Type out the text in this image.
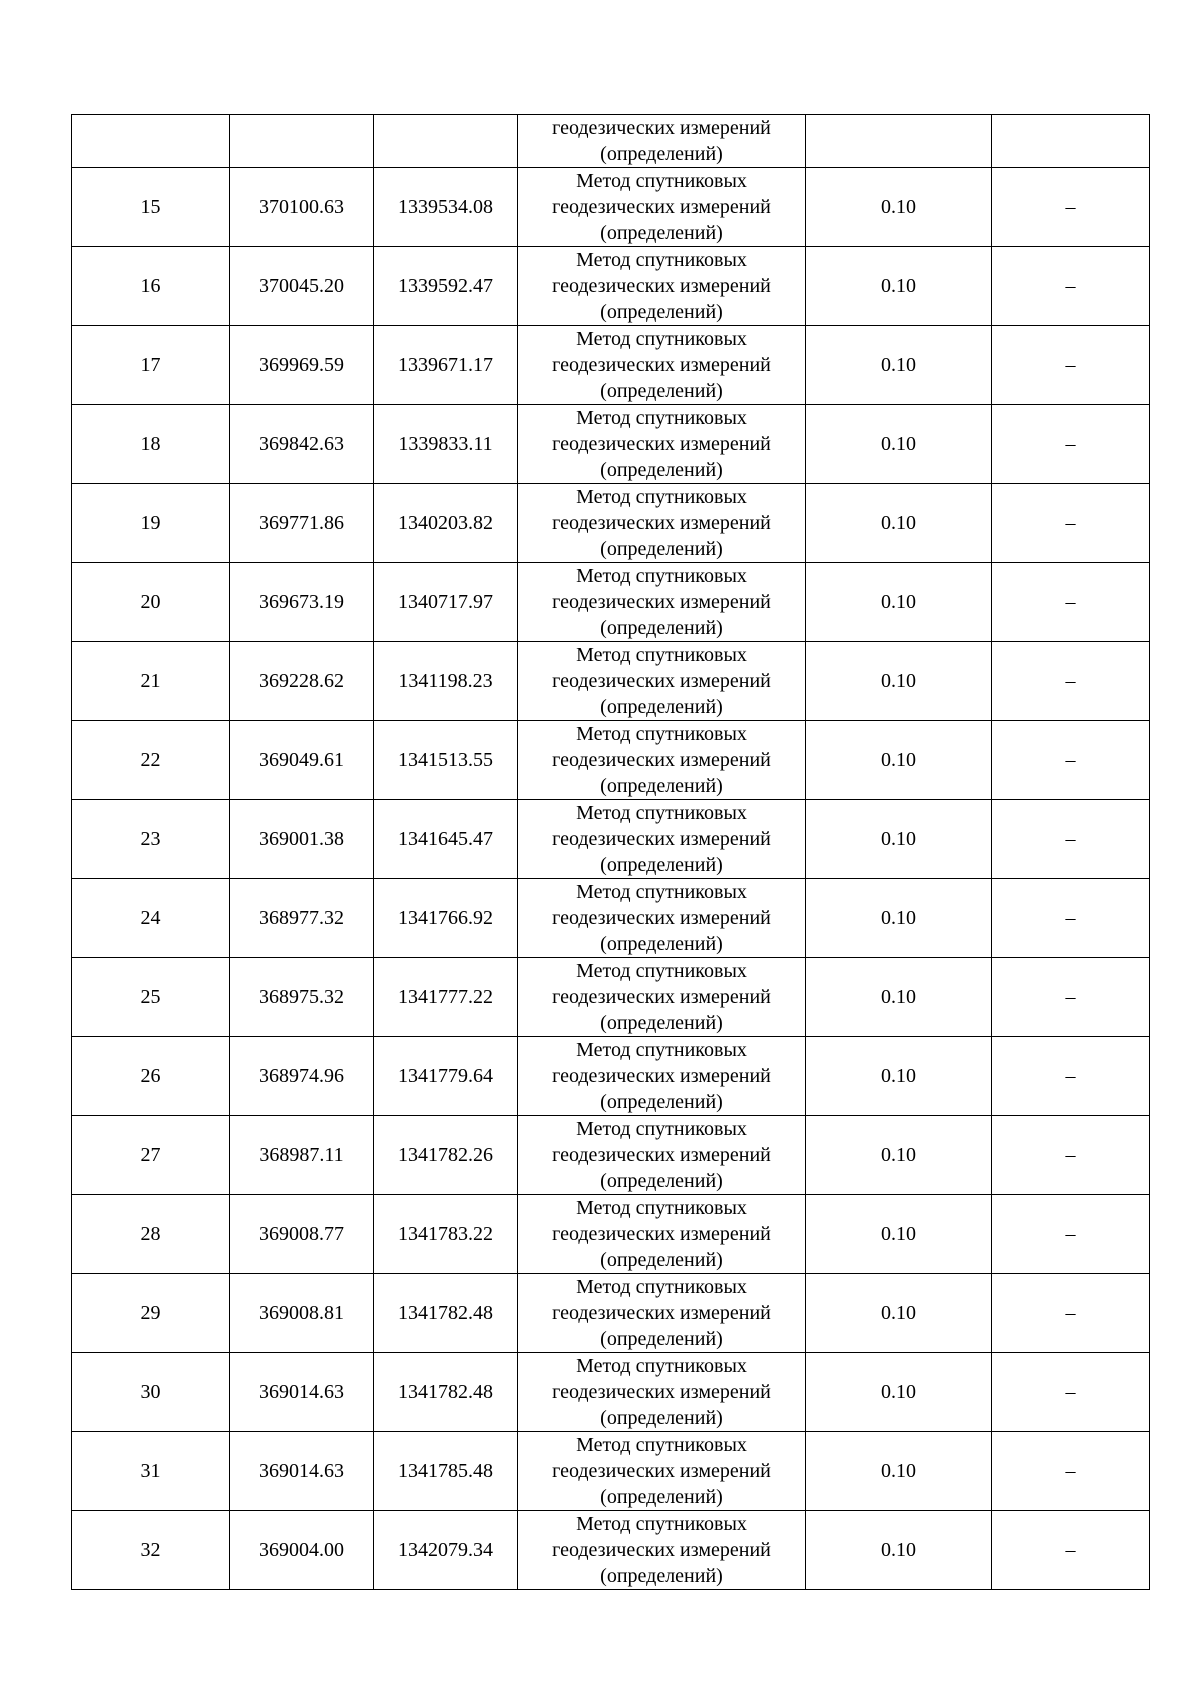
			геодезических измерений
(определений)		

15	370100.63	1339534.08	Метод спутниковых
геодезических измерений
(определений)	0.10	–
16	370045.20	1339592.47	Метод спутниковых
геодезических измерений
(определений)	0.10	–
17	369969.59	1339671.17	Метод спутниковых
геодезических измерений
(определений)	0.10	–
18	369842.63	1339833.11	Метод спутниковых
геодезических измерений
(определений)	0.10	–
19	369771.86	1340203.82	Метод спутниковых
геодезических измерений
(определений)	0.10	–
20	369673.19	1340717.97	Метод спутниковых
геодезических измерений
(определений)	0.10	–
21	369228.62	1341198.23	Метод спутниковых
геодезических измерений
(определений)	0.10	–
22	369049.61	1341513.55	Метод спутниковых
геодезических измерений
(определений)	0.10	–
23	369001.38	1341645.47	Метод спутниковых
геодезических измерений
(определений)	0.10	–
24	368977.32	1341766.92	Метод спутниковых
геодезических измерений
(определений)	0.10	–
25	368975.32	1341777.22	Метод спутниковых
геодезических измерений
(определений)	0.10	–
26	368974.96	1341779.64	Метод спутниковых
геодезических измерений
(определений)	0.10	–
27	368987.11	1341782.26	Метод спутниковых
геодезических измерений
(определений)	0.10	–
28	369008.77	1341783.22	Метод спутниковых
геодезических измерений
(определений)	0.10	–
29	369008.81	1341782.48	Метод спутниковых
геодезических измерений
(определений)	0.10	–
30	369014.63	1341782.48	Метод спутниковых
геодезических измерений
(определений)	0.10	–
31	369014.63	1341785.48	Метод спутниковых
геодезических измерений
(определений)	0.10	–
32	369004.00	1342079.34	Метод спутниковых
геодезических измерений
(определений)	0.10	–
